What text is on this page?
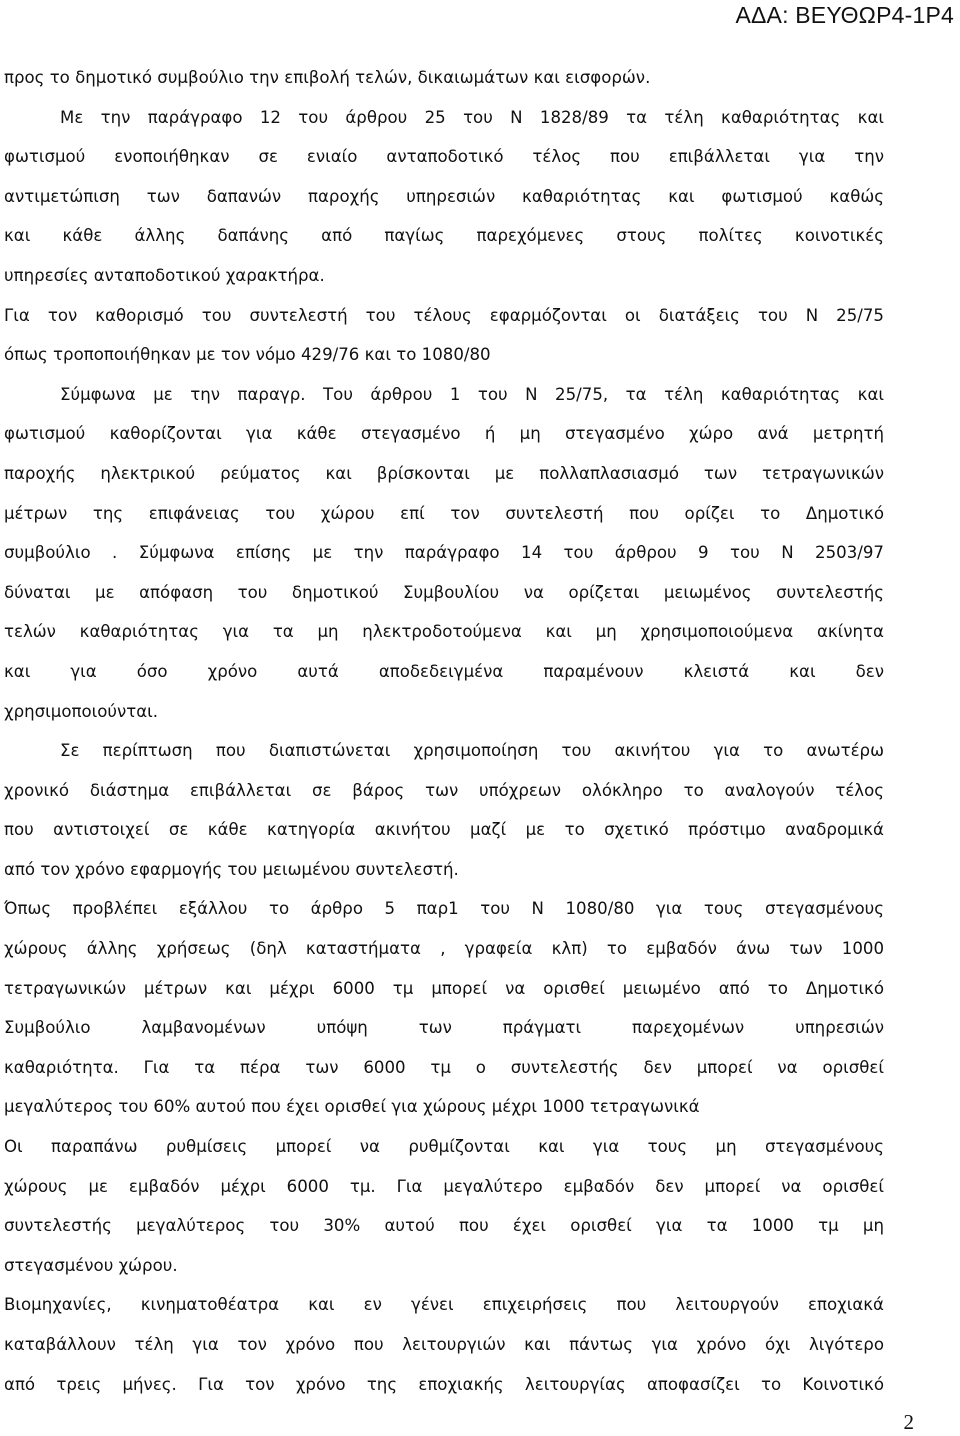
ΑΔΑ: ΒΕΥΘΩΡ4-1Ρ4

προς το δημοτικό συμβούλιο την επιβολή τελών, δικαιωμάτων και εισφορών.

Με την παράγραφο 12 του άρθρου 25 του Ν 1828/89 τα τέλη καθαριότητας και

φωτισμού ενοποιήθηκαν σε ενιαίο ανταποδοτικό τέλος που επιβάλλεται για την

αντιμετώπιση των δαπανών παροχής υπηρεσιών καθαριότητας και φωτισμού καθώς

και κάθε άλλης δαπάνης από παγίως παρεχόμενες στους πολίτες κοινοτικές

υπηρεσίες ανταποδοτικού χαρακτήρα.

Για τον καθορισμό του συντελεστή του τέλους εφαρμόζονται οι διατάξεις του Ν 25/75

όπως τροποποιήθηκαν με τον νόμο 429/76 και το 1080/80

Σύμφωνα με την παραγρ. Του άρθρου 1 του Ν 25/75, τα τέλη καθαριότητας και

φωτισμού καθορίζονται για κάθε στεγασμένο ή μη στεγασμένο χώρο ανά μετρητή

παροχής ηλεκτρικού ρεύματος και βρίσκονται με πολλαπλασιασμό των τετραγωνικών

μέτρων της επιφάνειας του χώρου επί τον συντελεστή που ορίζει το Δημοτικό

συμβούλιο . Σύμφωνα επίσης με την παράγραφο 14 του άρθρου 9 του Ν 2503/97

δύναται με απόφαση του δημοτικού Συμβουλίου να ορίζεται μειωμένος συντελεστής

τελών καθαριότητας για τα μη ηλεκτροδοτούμενα και μη χρησιμοποιούμενα ακίνητα

και για όσο χρόνο αυτά αποδεδειγμένα παραμένουν κλειστά και δεν

χρησιμοποιούνται.

Σε περίπτωση που διαπιστώνεται χρησιμοποίηση του ακινήτου για το ανωτέρω

χρονικό διάστημα επιβάλλεται σε βάρος των υπόχρεων ολόκληρο το αναλογούν τέλος

που αντιστοιχεί σε κάθε κατηγορία ακινήτου μαζί με το σχετικό πρόστιμο αναδρομικά

από τον χρόνο εφαρμογής του μειωμένου συντελεστή.

Όπως προβλέπει εξάλλου το άρθρο 5 παρ1 του Ν 1080/80 για τους στεγασμένους

χώρους άλλης χρήσεως (δηλ καταστήματα , γραφεία κλπ) το εμβαδόν άνω των 1000

τετραγωνικών μέτρων και μέχρι 6000 τμ μπορεί να ορισθεί μειωμένο από το Δημοτικό

Συμβούλιο λαμβανομένων υπόψη των πράγματι παρεχομένων υπηρεσιών

καθαριότητα. Για τα πέρα των 6000 τμ ο συντελεστής δεν μπορεί να ορισθεί

μεγαλύτερος του 60% αυτού που έχει ορισθεί για χώρους μέχρι 1000 τετραγωνικά

Οι παραπάνω ρυθμίσεις μπορεί να ρυθμίζονται και για τους μη στεγασμένους

χώρους με εμβαδόν μέχρι 6000 τμ. Για μεγαλύτερο εμβαδόν δεν μπορεί να ορισθεί

συντελεστής μεγαλύτερος του 30% αυτού που έχει ορισθεί για τα 1000 τμ μη

στεγασμένου χώρου.

Βιομηχανίες, κινηματοθέατρα και εν γένει επιχειρήσεις που λειτουργούν εποχιακά

καταβάλλουν τέλη για τον χρόνο που λειτουργιών και πάντως για χρόνο όχι λιγότερο

από τρεις μήνες. Για τον χρόνο της εποχιακής λειτουργίας αποφασίζει το Κοινοτικό

2
